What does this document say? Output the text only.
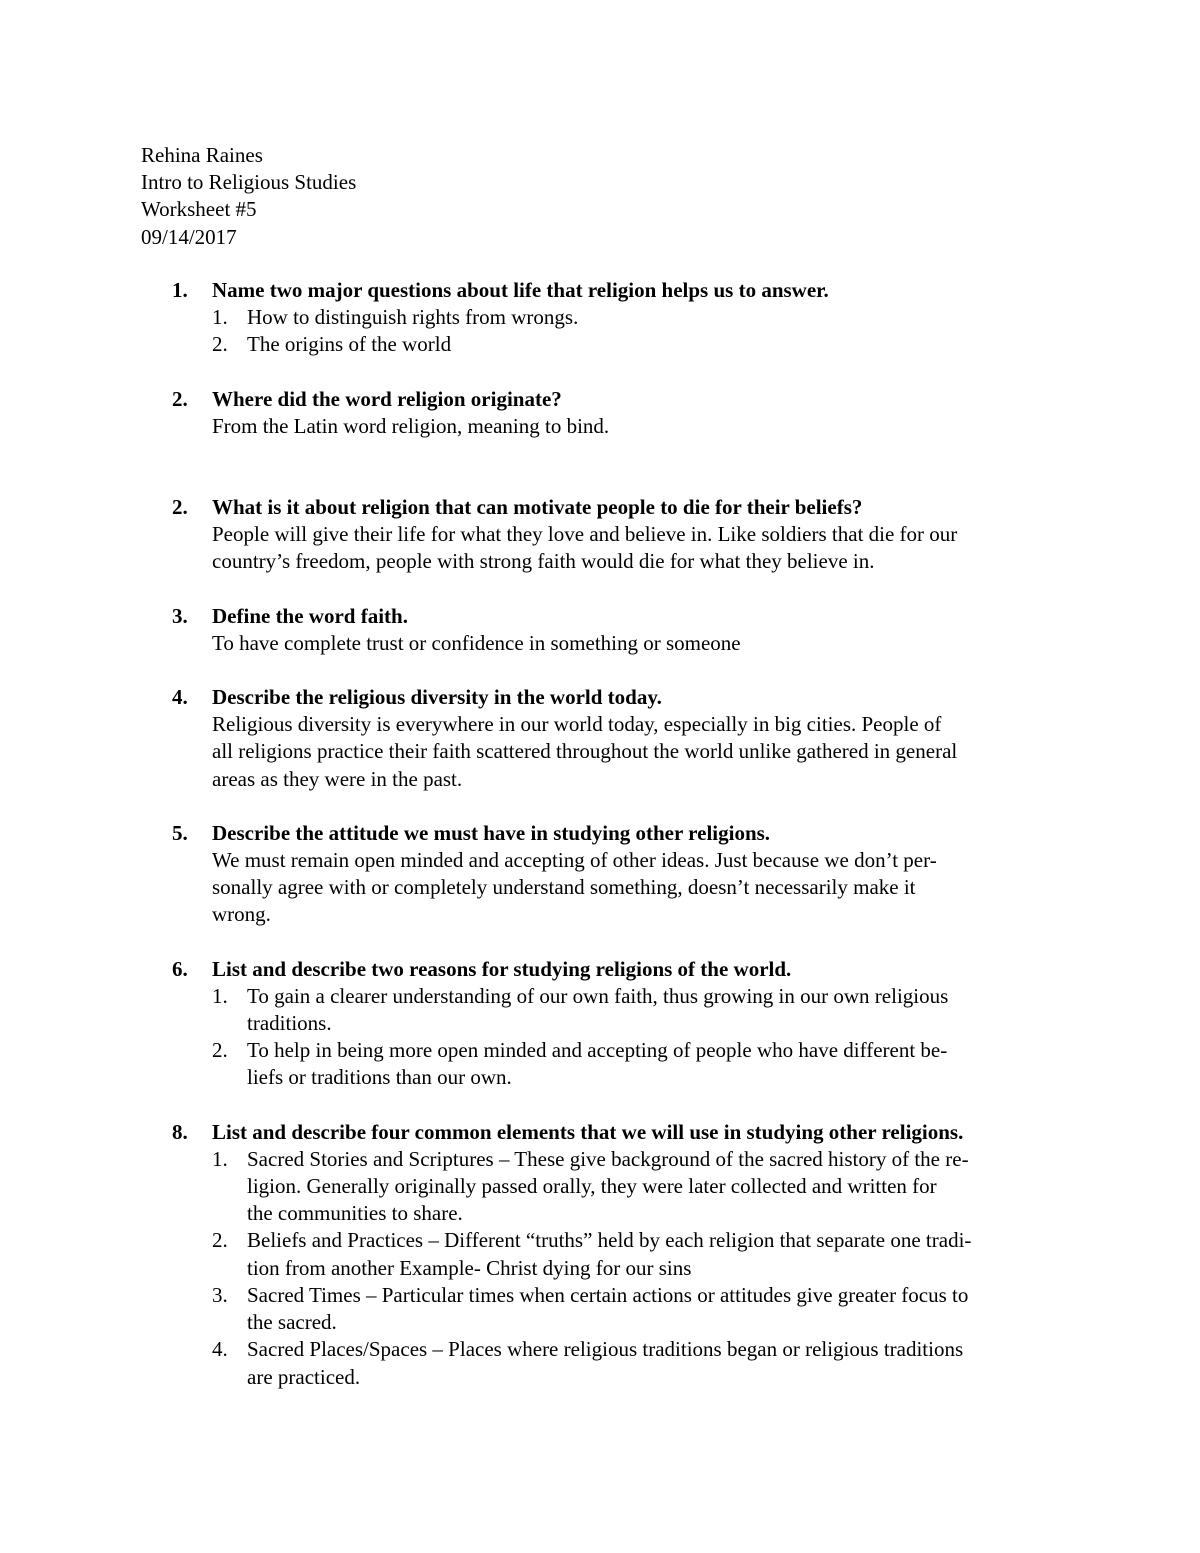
Rehina Raines
Intro to Religious Studies
Worksheet #5
09/14/2017
1.	Name two major questions about life that religion helps us to answer.
1. How to distinguish rights from wrongs.
2. The origins of the world
2.	Where did the word religion originate?
From the Latin word religion, meaning to bind.
2.	What is it about religion that can motivate people to die for their beliefs?
People will give their life for what they love and believe in. Like soldiers that die for our
country’s freedom, people with strong faith would die for what they believe in.
3.	Define the word faith.
To have complete trust or confidence in something or someone
4.	Describe the religious diversity in the world today.
Religious diversity is everywhere in our world today, especially in big cities. People of
all religions practice their faith scattered throughout the world unlike gathered in general
areas as they were in the past.
5.	Describe the attitude we must have in studying other religions.
We must remain open minded and accepting of other ideas. Just because we don’t per-
sonally agree with or completely understand something, doesn’t necessarily make it
wrong.
6.	List and describe two reasons for studying religions of the world.
1. To gain a clearer understanding of our own faith, thus growing in our own religious
traditions.
2. To help in being more open minded and accepting of people who have different be-
liefs or traditions than our own.
8.	List and describe four common elements that we will use in studying other religions.
1. Sacred Stories and Scriptures – These give background of the sacred history of the re-
ligion. Generally originally passed orally, they were later collected and written for
the communities to share.
2. Beliefs and Practices – Different “truths” held by each religion that separate one tradi-
tion from another Example- Christ dying for our sins
3. Sacred Times – Particular times when certain actions or attitudes give greater focus to
the sacred.
4. Sacred Places/Spaces – Places where religious traditions began or religious traditions
are practiced.
